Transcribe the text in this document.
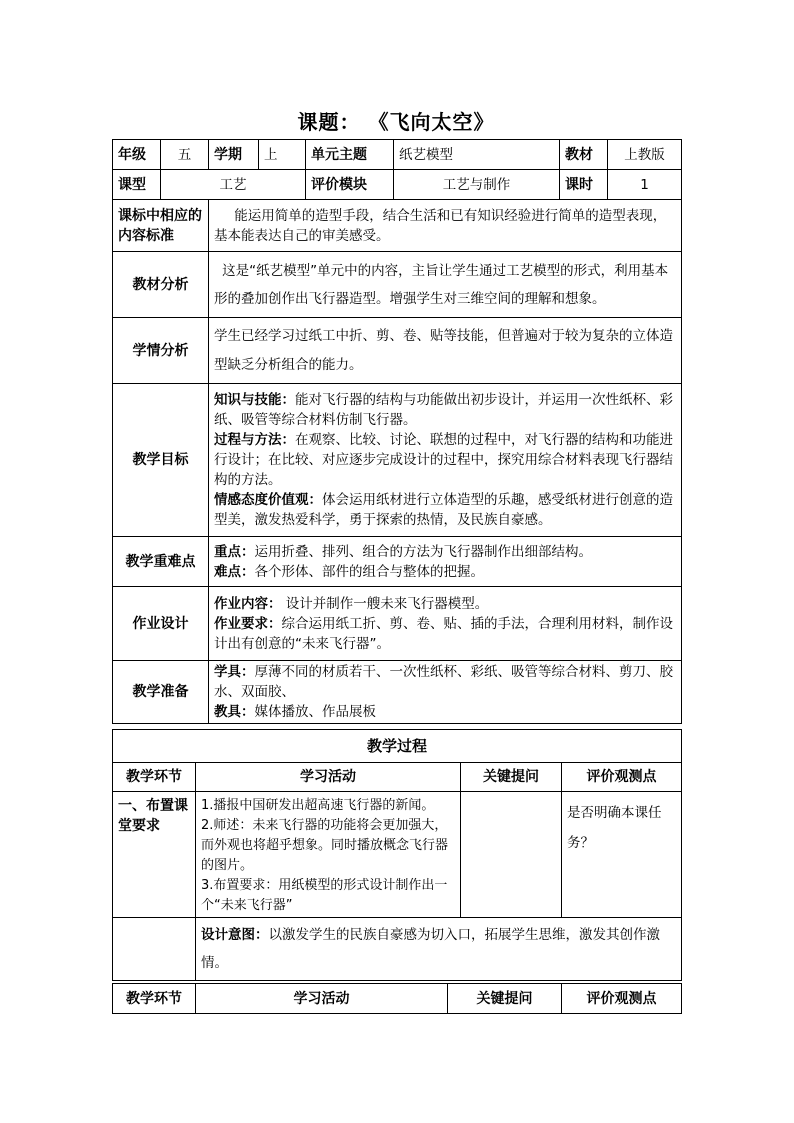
课题： 《飞向太空》
年级	五	学期	上	单元主题	纸艺模型	教材	上教版
课型	工艺			评价模块	工艺与制作	课时	1
课标中相应的内容标准		能运用简单的造型手段，结合生活和已有知识经验进行简单的造型表现，基本能表达自己的审美感受。					
教材分析		这是“纸艺模型”单元中的内容，主旨让学生通过工艺模型的形式，利用基本形的叠加创作出飞行器造型。增强学生对三维空间的理解和想象。					
学情分析		学生已经学习过纸工中折、剪、卷、贴等技能，但普遍对于较为复杂的立体造型缺乏分析组合的能力。					
教学目标		知识与技能：能对飞行器的结构与功能做出初步设计，并运用一次性纸杯、彩纸、吸管等综合材料仿制飞行器。

过程与方法：在观察、比较、讨论、联想的过程中，对飞行器的结构和功能进行设计；在比较、对应逐步完成设计的过程中，探究用综合材料表现飞行器结构的方法。

情感态度价值观：体会运用纸材进行立体造型的乐趣，感受纸材进行创意的造型美，激发热爱科学，勇于探索的热情，及民族自豪感。					

教学重难点		重点：运用折叠、排列、组合的方法为飞行器制作出细部结构。

难点：各个形体、部件的组合与整体的把握。					

作业设计		作业内容： 设计并制作一艘未来飞行器模型。

作业要求：综合运用纸工折、剪、卷、贴、插的手法，合理利用材料，制作设计出有创意的“未来飞行器”。					

教学准备		学具：厚薄不同的材质若干、一次性纸杯、彩纸、吸管等综合材料、剪刀、胶水、双面胶、

教具：媒体播放、作品展板					

教学过程			
教学环节	学习活动	关键提问	评价观测点
一、布置课堂要求	1.播报中国研发出超高速飞行器的新闻。

2.师述：未来飞行器的功能将会更加强大，而外观也将超乎想象。同时播放概念飞行器的图片。

3.布置要求：用纸模型的形式设计制作出一个“未来飞行器”		是否明确本课任务？
	设计意图：以激发学生的民族自豪感为切入口，拓展学生思维，激发其创作激情。		
教学环节	学习活动	关键提问	评价观测点
